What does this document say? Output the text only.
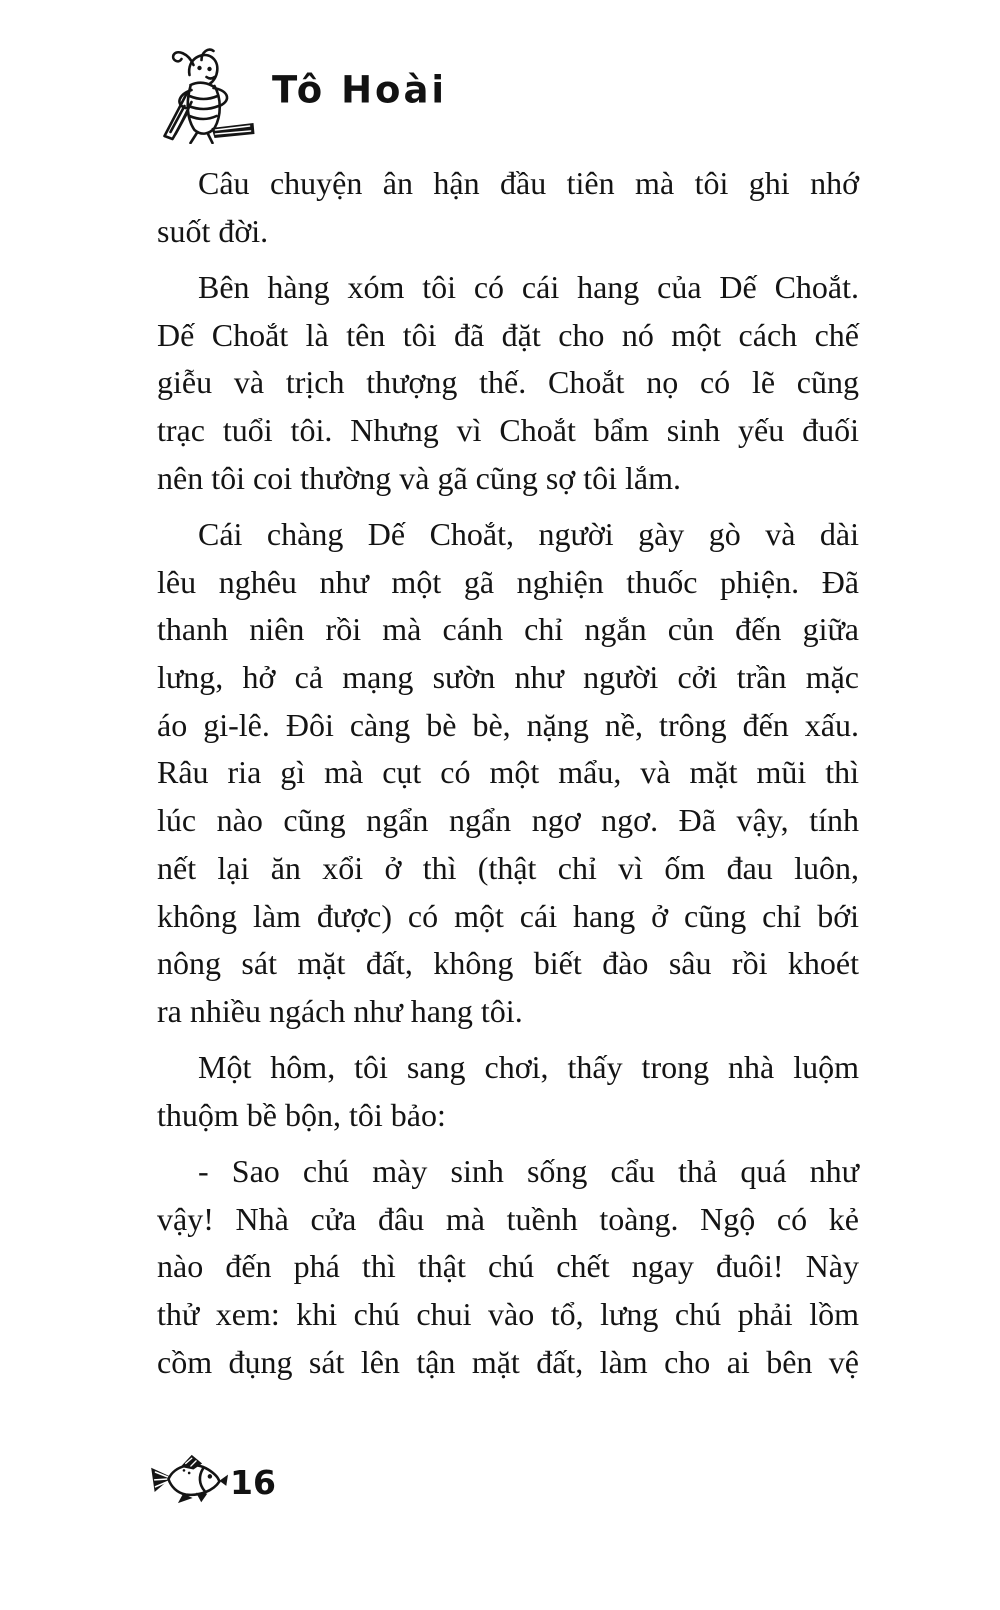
Tô Hoài
Câu chuyện ân hận đầu tiên mà tôi ghi nhớ
suốt đời.
Bên hàng xóm tôi có cái hang của Dế Choắt.
Dế Choắt là tên tôi đã đặt cho nó một cách chế
giễu và trịch thượng thế. Choắt nọ có lẽ cũng
trạc tuổi tôi. Nhưng vì Choắt bẩm sinh yếu đuối
nên tôi coi thường và gã cũng sợ tôi lắm.
Cái chàng Dế Choắt, người gày gò và dài
lêu nghêu như một gã nghiện thuốc phiện. Đã
thanh niên rồi mà cánh chỉ ngắn củn đến giữa
lưng, hở cả mạng sườn như người cởi trần mặc
áo gi-lê. Đôi càng bè bè, nặng nề, trông đến xấu.
Râu ria gì mà cụt có một mẩu, và mặt mũi thì
lúc nào cũng ngẩn ngẩn ngơ ngơ. Đã vậy, tính
nết lại ăn xổi ở thì (thật chỉ vì ốm đau luôn,
không làm được) có một cái hang ở cũng chỉ bới
nông sát mặt đất, không biết đào sâu rồi khoét
ra nhiều ngách như hang tôi.
Một hôm, tôi sang chơi, thấy trong nhà luộm
thuộm bề bộn, tôi bảo:
- Sao chú mày sinh sống cẩu thả quá như
vậy! Nhà cửa đâu mà tuềnh toàng. Ngộ có kẻ
nào đến phá thì thật chú chết ngay đuôi! Này
thử xem: khi chú chui vào tổ, lưng chú phải lồm
cồm đụng sát lên tận mặt đất, làm cho ai bên vệ
16
